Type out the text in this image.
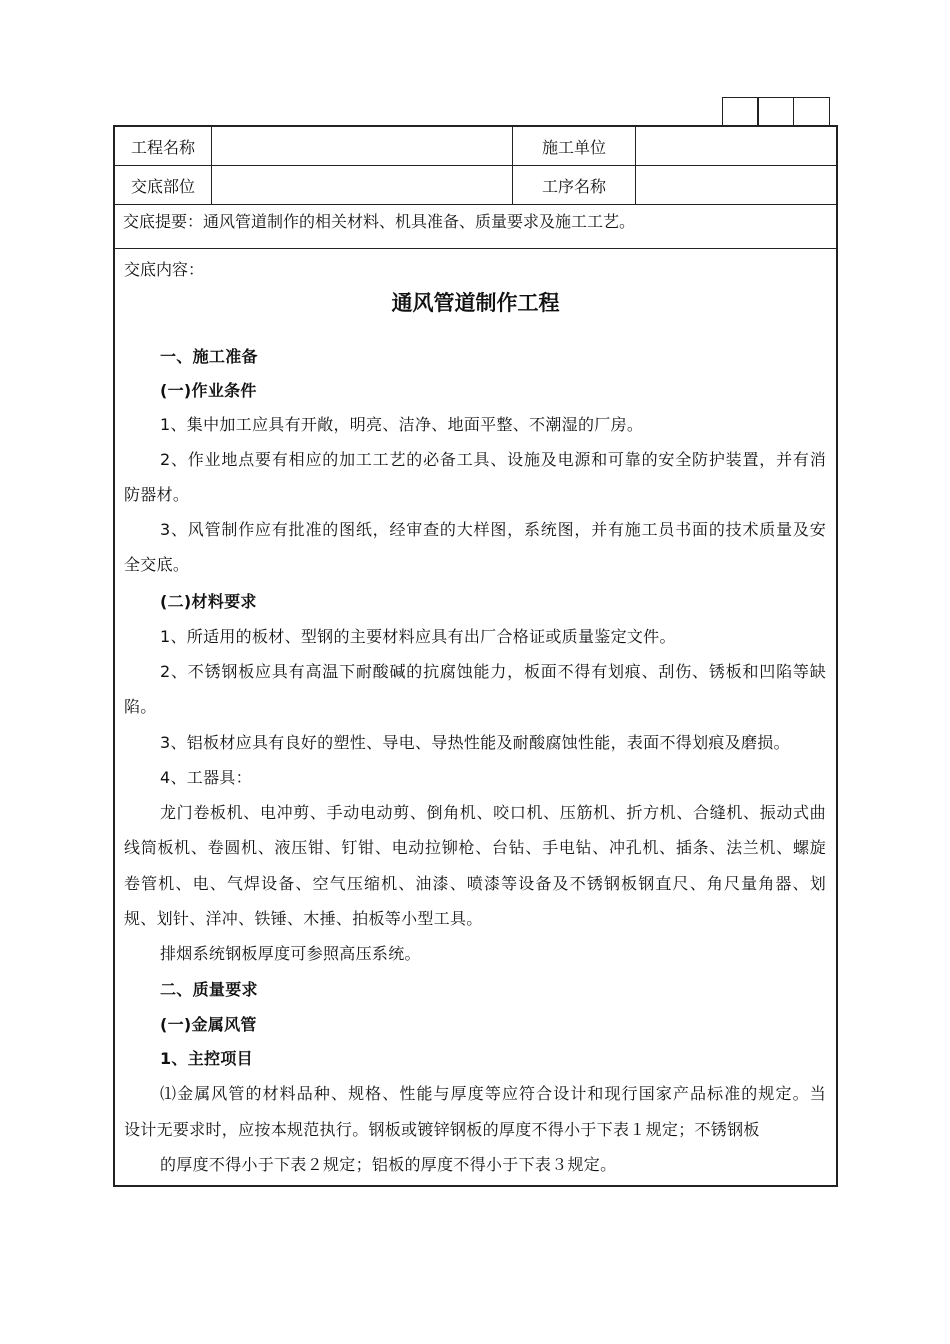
工程名称	施工单位
交底部位	工序名称
交底提要：通风管道制作的相关材料、机具准备、质量要求及施工工艺。
交底内容：
通风管道制作工程
一、施工准备
(一)作业条件
1、集中加工应具有开敞，明亮、洁净、地面平整、不潮湿的厂房。
2、作业地点要有相应的加工工艺的必备工具、设施及电源和可靠的安全防护装置，并有消
防器材。
3、风管制作应有批准的图纸，经审查的大样图，系统图，并有施工员书面的技术质量及安
全交底。
(二)材料要求
1、所适用的板材、型钢的主要材料应具有出厂合格证或质量鉴定文件。
2、不锈钢板应具有高温下耐酸碱的抗腐蚀能力，板面不得有划痕、刮伤、锈板和凹陷等缺
陷。
3、铝板材应具有良好的塑性、导电、导热性能及耐酸腐蚀性能，表面不得划痕及磨损。
4、工器具：
龙门卷板机、电冲剪、手动电动剪、倒角机、咬口机、压筋机、折方机、合缝机、振动式曲
线筒板机、卷圆机、液压钳、钉钳、电动拉铆枪、台钻、手电钻、冲孔机、插条、法兰机、螺旋
卷管机、电、气焊设备、空气压缩机、油漆、喷漆等设备及不锈钢板钢直尺、角尺量角器、划
规、划针、洋冲、铁锤、木捶、拍板等小型工具。
排烟系统钢板厚度可参照高压系统。
二、质量要求
(一)金属风管
1、主控项目
⑴金属风管的材料品种、规格、性能与厚度等应符合设计和现行国家产品标准的规定。当
设计无要求时，应按本规范执行。钢板或镀锌钢板的厚度不得小于下表１规定；不锈钢板
的厚度不得小于下表２规定；铝板的厚度不得小于下表３规定。
